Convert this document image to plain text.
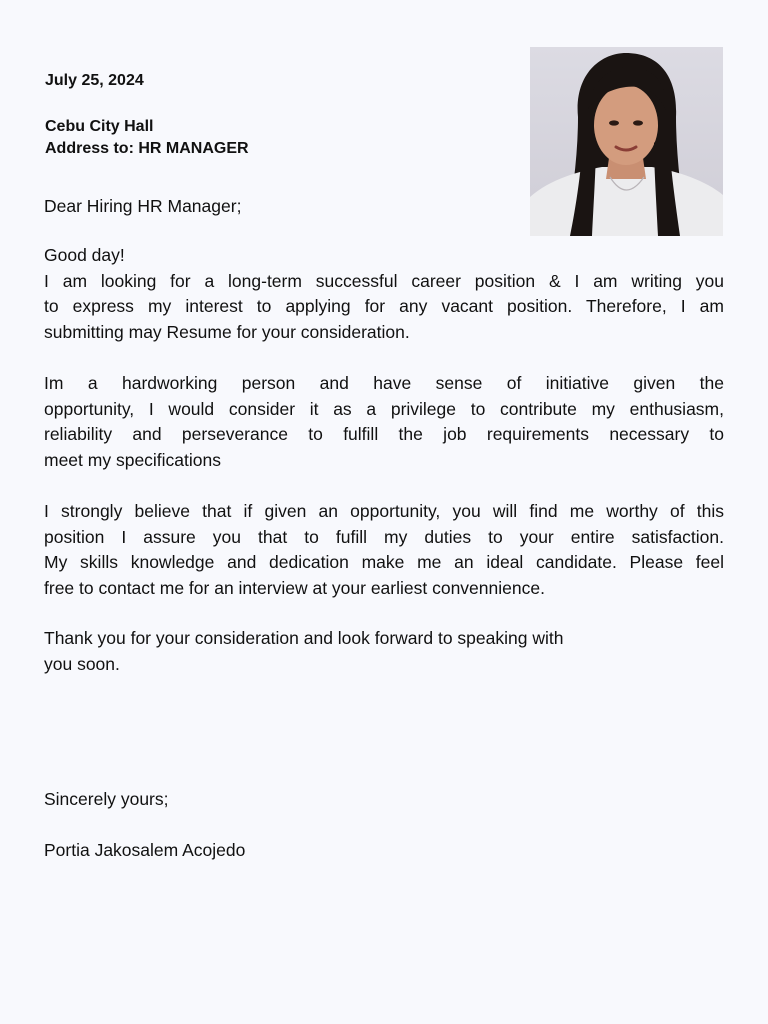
July 25, 2024
Cebu City Hall
Address to: HR MANAGER
Dear Hiring HR Manager;
Good day!
I am looking for a long-term successful career position & I am writing you
to express my interest to applying for any vacant position. Therefore, I am
submitting may Resume for your consideration.
Im a hardworking person and have sense of initiative given the
opportunity, I would consider it as a privilege to contribute my enthusiasm,
reliability and perseverance to fulfill the job requirements necessary to
meet my specifications
I strongly believe that if given an opportunity, you will find me worthy of this
position I assure you that to fufill my duties to your entire satisfaction.
My skills knowledge and dedication make me an ideal candidate. Please feel
free to contact me for an interview at your earliest convennience.
Thank you for your consideration and look forward to speaking with
you soon.
Sincerely yours;
Portia Jakosalem Acojedo
